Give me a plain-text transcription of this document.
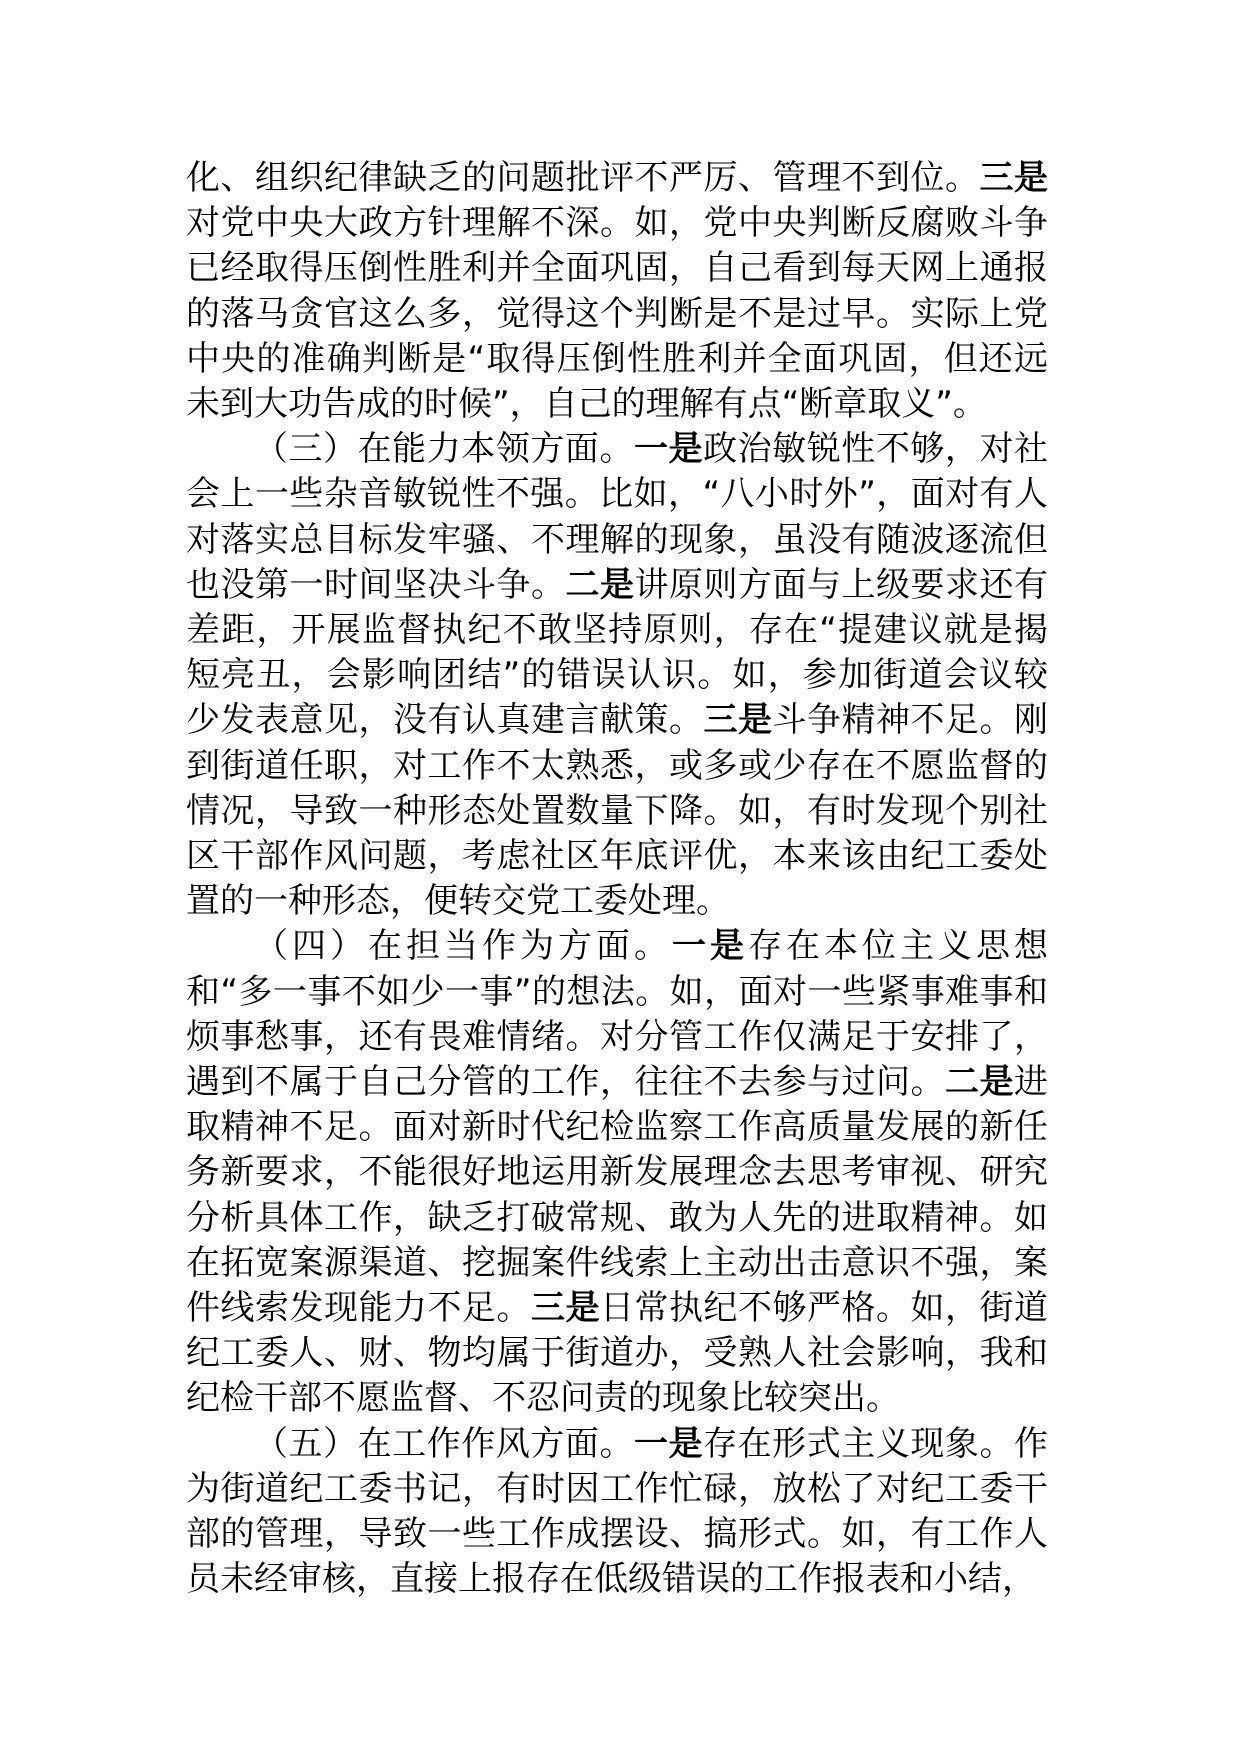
化、组织纪律缺乏的问题批评不严厉、管理不到位。三是对党中央大政方针理解不深。如，党中央判断反腐败斗争已经取得压倒性胜利并全面巩固，自己看到每天网上通报的落马贪官这么多，觉得这个判断是不是过早。实际上党中央的准确判断是“取得压倒性胜利并全面巩固，但还远未到大功告成的时候”，自己的理解有点“断章取义”。

（三）在能力本领方面。一是政治敏锐性不够，对社会上一些杂音敏锐性不强。比如，“八小时外”，面对有人对落实总目标发牢骚、不理解的现象，虽没有随波逐流但也没第一时间坚决斗争。二是讲原则方面与上级要求还有差距，开展监督执纪不敢坚持原则，存在“提建议就是揭短亮丑，会影响团结”的错误认识。如，参加街道会议较少发表意见，没有认真建言献策。三是斗争精神不足。刚到街道任职，对工作不太熟悉，或多或少存在不愿监督的情况，导致一种形态处置数量下降。如，有时发现个别社区干部作风问题，考虑社区年底评优，本来该由纪工委处置的一种形态，便转交党工委处理。

（四）在担当作为方面。一是存在本位主义思想和“多一事不如少一事”的想法。如，面对一些紧事难事和烦事愁事，还有畏难情绪。对分管工作仅满足于安排了，遇到不属于自己分管的工作，往往不去参与过问。二是进取精神不足。面对新时代纪检监察工作高质量发展的新任务新要求，不能很好地运用新发展理念去思考审视、研究分析具体工作，缺乏打破常规、敢为人先的进取精神。如在拓宽案源渠道、挖掘案件线索上主动出击意识不强，案件线索发现能力不足。三是日常执纪不够严格。如，街道纪工委人、财、物均属于街道办，受熟人社会影响，我和纪检干部不愿监督、不忍问责的现象比较突出。

（五）在工作作风方面。一是存在形式主义现象。作为街道纪工委书记，有时因工作忙碌，放松了对纪工委干部的管理，导致一些工作成摆设、搞形式。如，有工作人员未经审核，直接上报存在低级错误的工作报表和小结，
